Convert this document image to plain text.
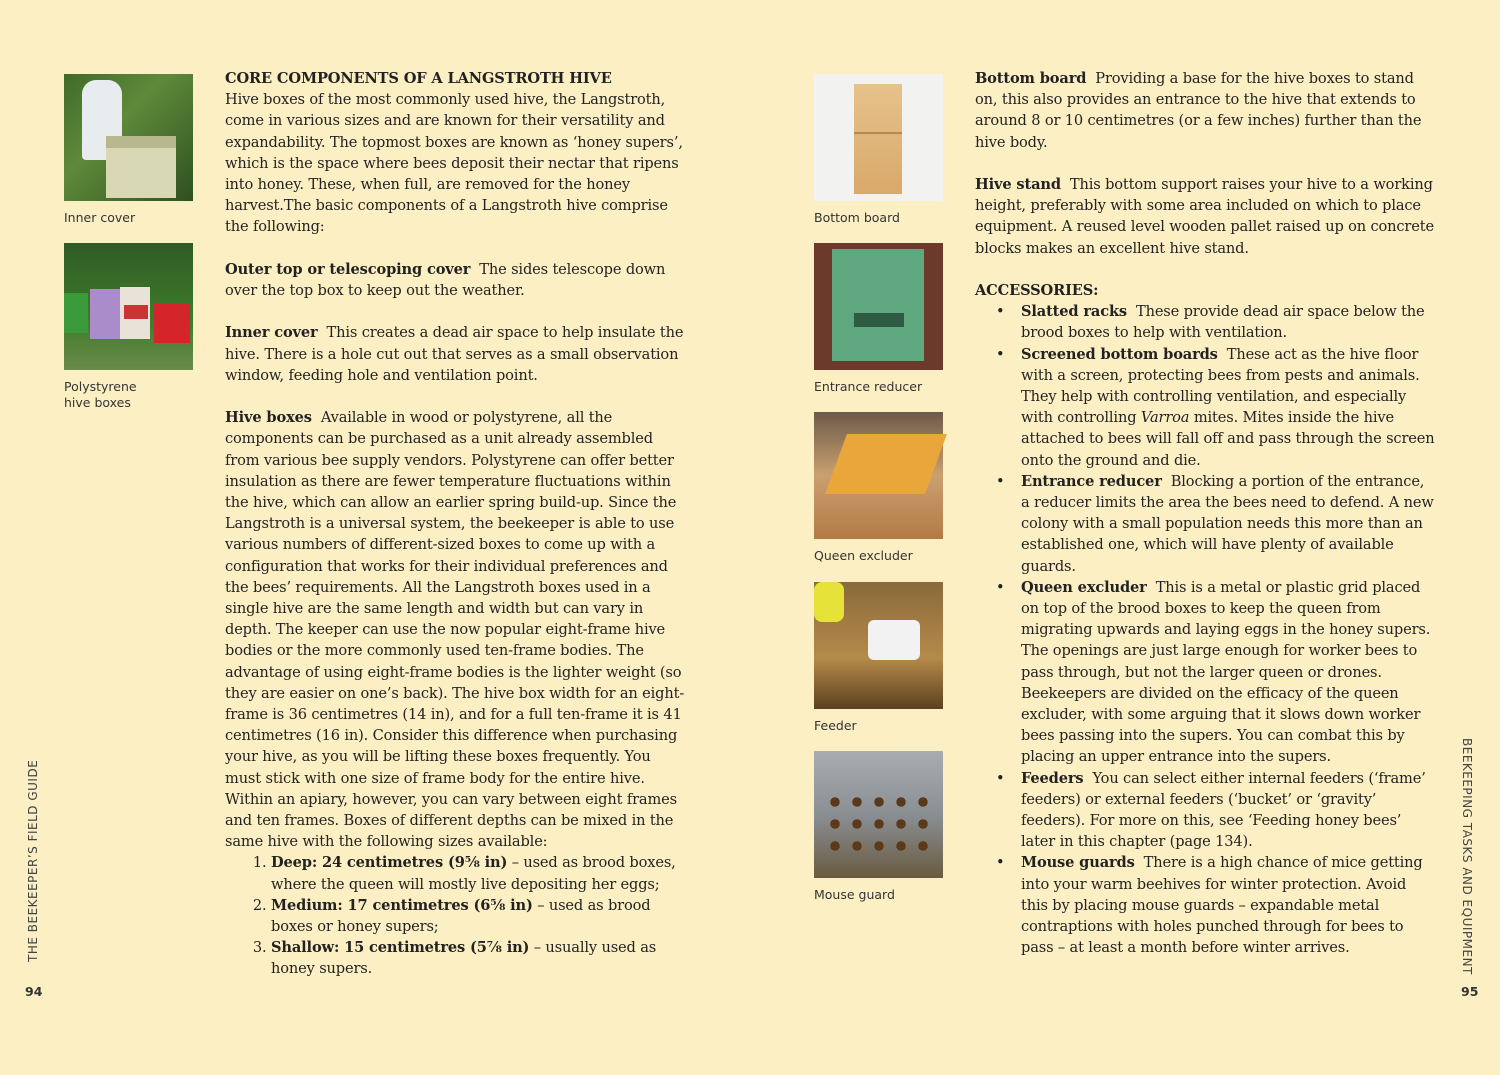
Inner cover
Polystyrene hive boxes
CORE COMPONENTS OF A LANGSTROTH HIVE

Hive boxes of the most commonly used hive, the Langstroth, come in various sizes and are known for their versatility and expandability. The topmost boxes are known as ‘honey supers’, which is the space where bees deposit their nectar that ripens into honey. These, when full, are removed for the honey harvest.The basic components of a Langstroth hive comprise the following:

Outer top or telescoping cover The sides telescope down over the top box to keep out the weather.

Inner cover This creates a dead air space to help insulate the hive. There is a hole cut out that serves as a small observation window, feeding hole and ventilation point.

Hive boxes Available in wood or polystyrene, all the components can be purchased as a unit already assembled from various bee supply vendors. Polystyrene can offer better insulation as there are fewer temperature fluctuations within the hive, which can allow an earlier spring build-up. Since the Langstroth is a universal system, the beekeeper is able to use various numbers of different-sized boxes to come up with a configuration that works for their individual preferences and the bees’ requirements. All the Langstroth boxes used in a single hive are the same length and width but can vary in depth. The keeper can use the now popular eight-frame hive bodies or the more commonly used ten-frame bodies. The advantage of using eight-frame bodies is the lighter weight (so they are easier on one’s back). The hive box width for an eight-frame is 36 centimetres (14 in), and for a full ten-frame it is 41 centimetres (16 in). Consider this difference when purchasing your hive, as you will be lifting these boxes frequently. You must stick with one size of frame body for the entire hive. Within an apiary, however, you can vary between eight frames and ten frames. Boxes of different depths can be mixed in the same hive with the following sizes available:
1. Deep: 24 centimetres (9⅝ in) – used as brood boxes, where the queen will mostly live depositing her eggs;
2. Medium: 17 centimetres (6⅝ in) – used as brood boxes or honey supers;
3. Shallow: 15 centimetres (5⅞ in) – usually used as honey supers.
THE BEEKEEPER’S FIELD GUIDE
94
Bottom board
Entrance reducer
Queen excluder
Feeder
Mouse guard

Bottom board Providing a base for the hive boxes to stand on, this also provides an entrance to the hive that extends to around 8 or 10 centimetres (or a few inches) further than the hive body.

Hive stand This bottom support raises your hive to a working height, preferably with some area included on which to place equipment. A reused level wooden pallet raised up on concrete blocks makes an excellent hive stand.

ACCESSORIES:
• Slatted racks These provide dead air space below the brood boxes to help with ventilation.
• Screened bottom boards These act as the hive floor with a screen, protecting bees from pests and animals. They help with controlling ventilation, and especially with controlling Varroa mites. Mites inside the hive attached to bees will fall off and pass through the screen onto the ground and die.
• Entrance reducer Blocking a portion of the entrance, a reducer limits the area the bees need to defend. A new colony with a small population needs this more than an established one, which will have plenty of available guards.
• Queen excluder This is a metal or plastic grid placed on top of the brood boxes to keep the queen from migrating upwards and laying eggs in the honey supers. The openings are just large enough for worker bees to pass through, but not the larger queen or drones. Beekeepers are divided on the efficacy of the queen excluder, with some arguing that it slows down worker bees passing into the supers. You can combat this by placing an upper entrance into the supers.
• Feeders You can select either internal feeders (‘frame’ feeders) or external feeders (‘bucket’ or ‘gravity’ feeders). For more on this, see ‘Feeding honey bees’ later in this chapter (page 134).
• Mouse guards There is a high chance of mice getting into your warm beehives for winter protection. Avoid this by placing mouse guards – expandable metal contraptions with holes punched through for bees to pass – at least a month before winter arrives.	BEEKEEPING TASKS AND EQUIPMENT
95
